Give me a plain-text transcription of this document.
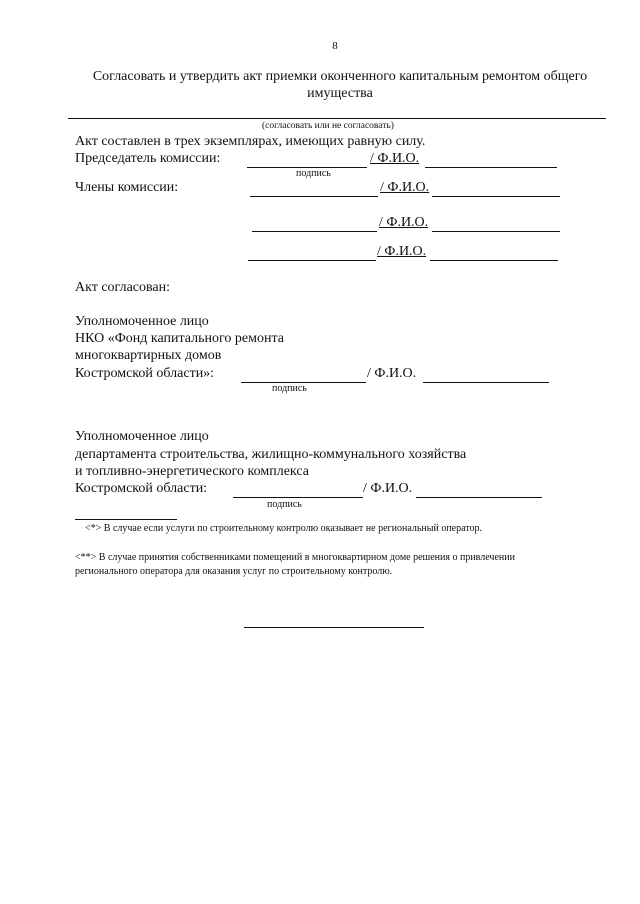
8
Согласовать и утвердить акт приемки оконченного капитальным ремонтом общего имущества
(согласовать или не согласовать)
Акт составлен в трех экземплярах, имеющих равную силу.
Председатель комиссии:	/ Ф.И.О.
подпись
Члены комиссии:	/ Ф.И.О.
/ Ф.И.О.
/ Ф.И.О.
Акт согласован:
Уполномоченное лицо
НКО «Фонд капитального ремонта
многоквартирных домов
Костромской области»:	/ Ф.И.О.
подпись
Уполномоченное лицо
департамента строительства, жилищно-коммунального хозяйства
и топливно-энергетического комплекса
Костромской области:	/ Ф.И.О.
подпись
<*> В случае если услуги по строительному контролю оказывает не региональный оператор.
<**> В случае принятия собственниками помещений в многоквартирном доме решения о привлечении
регионального оператора для оказания услуг по строительному контролю.
